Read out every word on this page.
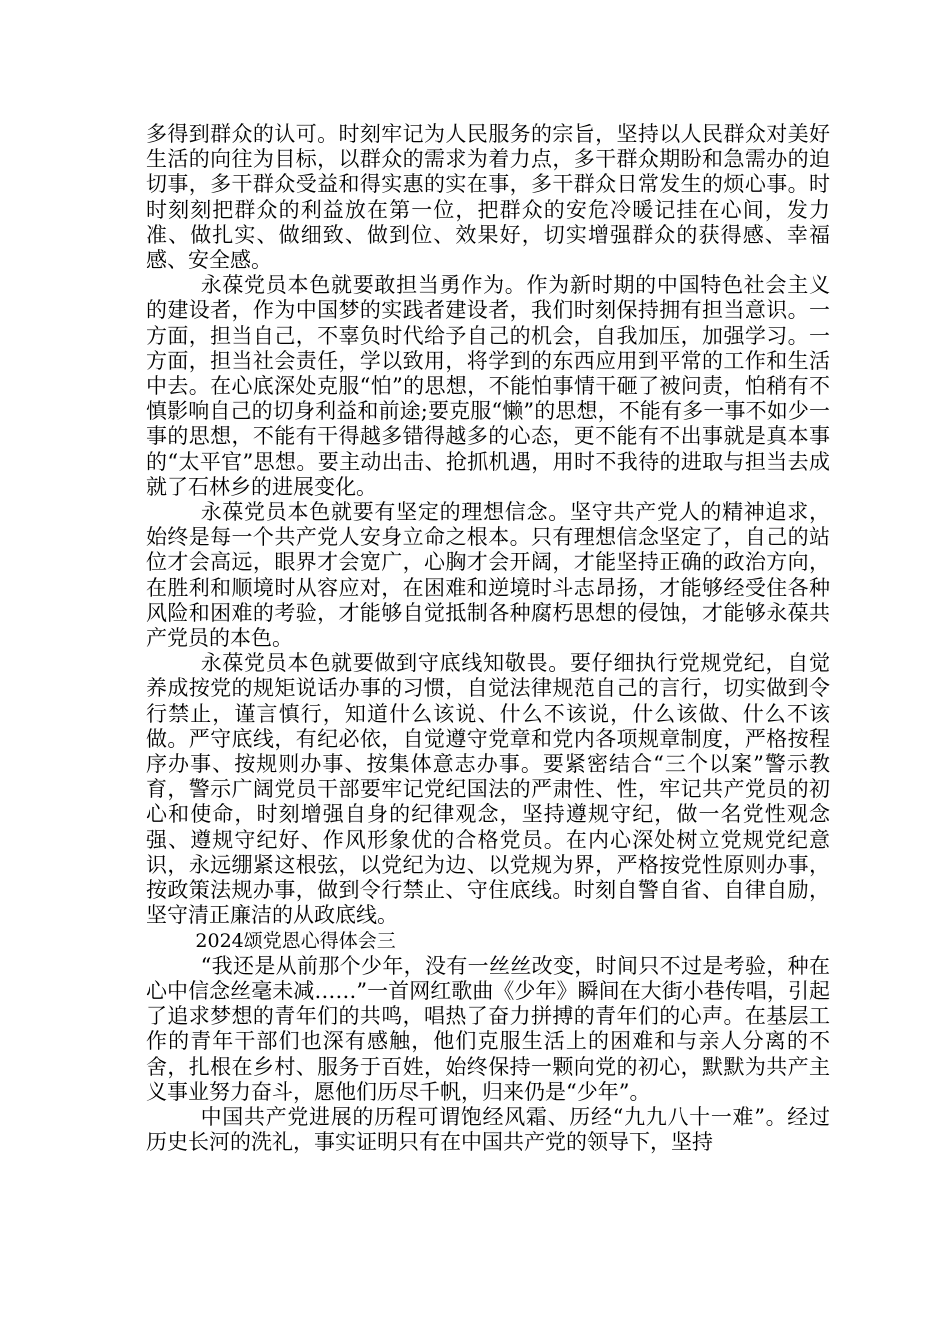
多得到群众的认可。时刻牢记为人民服务的宗旨，坚持以人民群众对美好生活的向往为目标，以群众的需求为着力点，多干群众期盼和急需办的迫切事，多干群众受益和得实惠的实在事，多干群众日常发生的烦心事。时时刻刻把群众的利益放在第一位，把群众的安危冷暖记挂在心间，发力准、做扎实、做细致、做到位、效果好，切实增强群众的获得感、幸福感、安全感。

永葆党员本色就要敢担当勇作为。作为新时期的中国特色社会主义的建设者，作为中国梦的实践者建设者，我们时刻保持拥有担当意识。一方面，担当自己，不辜负时代给予自己的机会，自我加压，加强学习。一方面，担当社会责任，学以致用，将学到的东西应用到平常的工作和生活中去。在心底深处克服“怕”的思想，不能怕事情干砸了被问责，怕稍有不慎影响自己的切身利益和前途;要克服“懒”的思想，不能有多一事不如少一事的思想，不能有干得越多错得越多的心态，更不能有不出事就是真本事的“太平官”思想。要主动出击、抢抓机遇，用时不我待的进取与担当去成就了石林乡的进展变化。

永葆党员本色就要有坚定的理想信念。坚守共产党人的精神追求，始终是每一个共产党人安身立命之根本。只有理想信念坚定了，自己的站位才会高远，眼界才会宽广，心胸才会开阔，才能坚持正确的政治方向，在胜利和顺境时从容应对，在困难和逆境时斗志昂扬，才能够经受住各种风险和困难的考验，才能够自觉抵制各种腐朽思想的侵蚀，才能够永葆共产党员的本色。

永葆党员本色就要做到守底线知敬畏。要仔细执行党规党纪，自觉养成按党的规矩说话办事的习惯，自觉法律规范自己的言行，切实做到令行禁止，谨言慎行，知道什么该说、什么不该说，什么该做、什么不该做。严守底线，有纪必依，自觉遵守党章和党内各项规章制度，严格按程序办事、按规则办事、按集体意志办事。要紧密结合“三个以案”警示教育，警示广阔党员干部要牢记党纪国法的严肃性、性，牢记共产党员的初心和使命，时刻增强自身的纪律观念，坚持遵规守纪，做一名党性观念强、遵规守纪好、作风形象优的合格党员。在内心深处树立党规党纪意识，永远绷紧这根弦，以党纪为边、以党规为界，严格按党性原则办事，按政策法规办事，做到令行禁止、守住底线。时刻自警自省、自律自励，坚守清正廉洁的从政底线。

2024颂党恩心得体会三

“我还是从前那个少年，没有一丝丝改变，时间只不过是考验，种在心中信念丝毫未减……”一首网红歌曲《少年》瞬间在大街小巷传唱，引起了追求梦想的青年们的共鸣，唱热了奋力拼搏的青年们的心声。在基层工作的青年干部们也深有感触，他们克服生活上的困难和与亲人分离的不舍，扎根在乡村、服务于百姓，始终保持一颗向党的初心，默默为共产主义事业努力奋斗，愿他们历尽千帆，归来仍是“少年”。

中国共产党进展的历程可谓饱经风霜、历经“九九八十一难”。经过历史长河的洗礼，事实证明只有在中国共产党的领导下，坚持
